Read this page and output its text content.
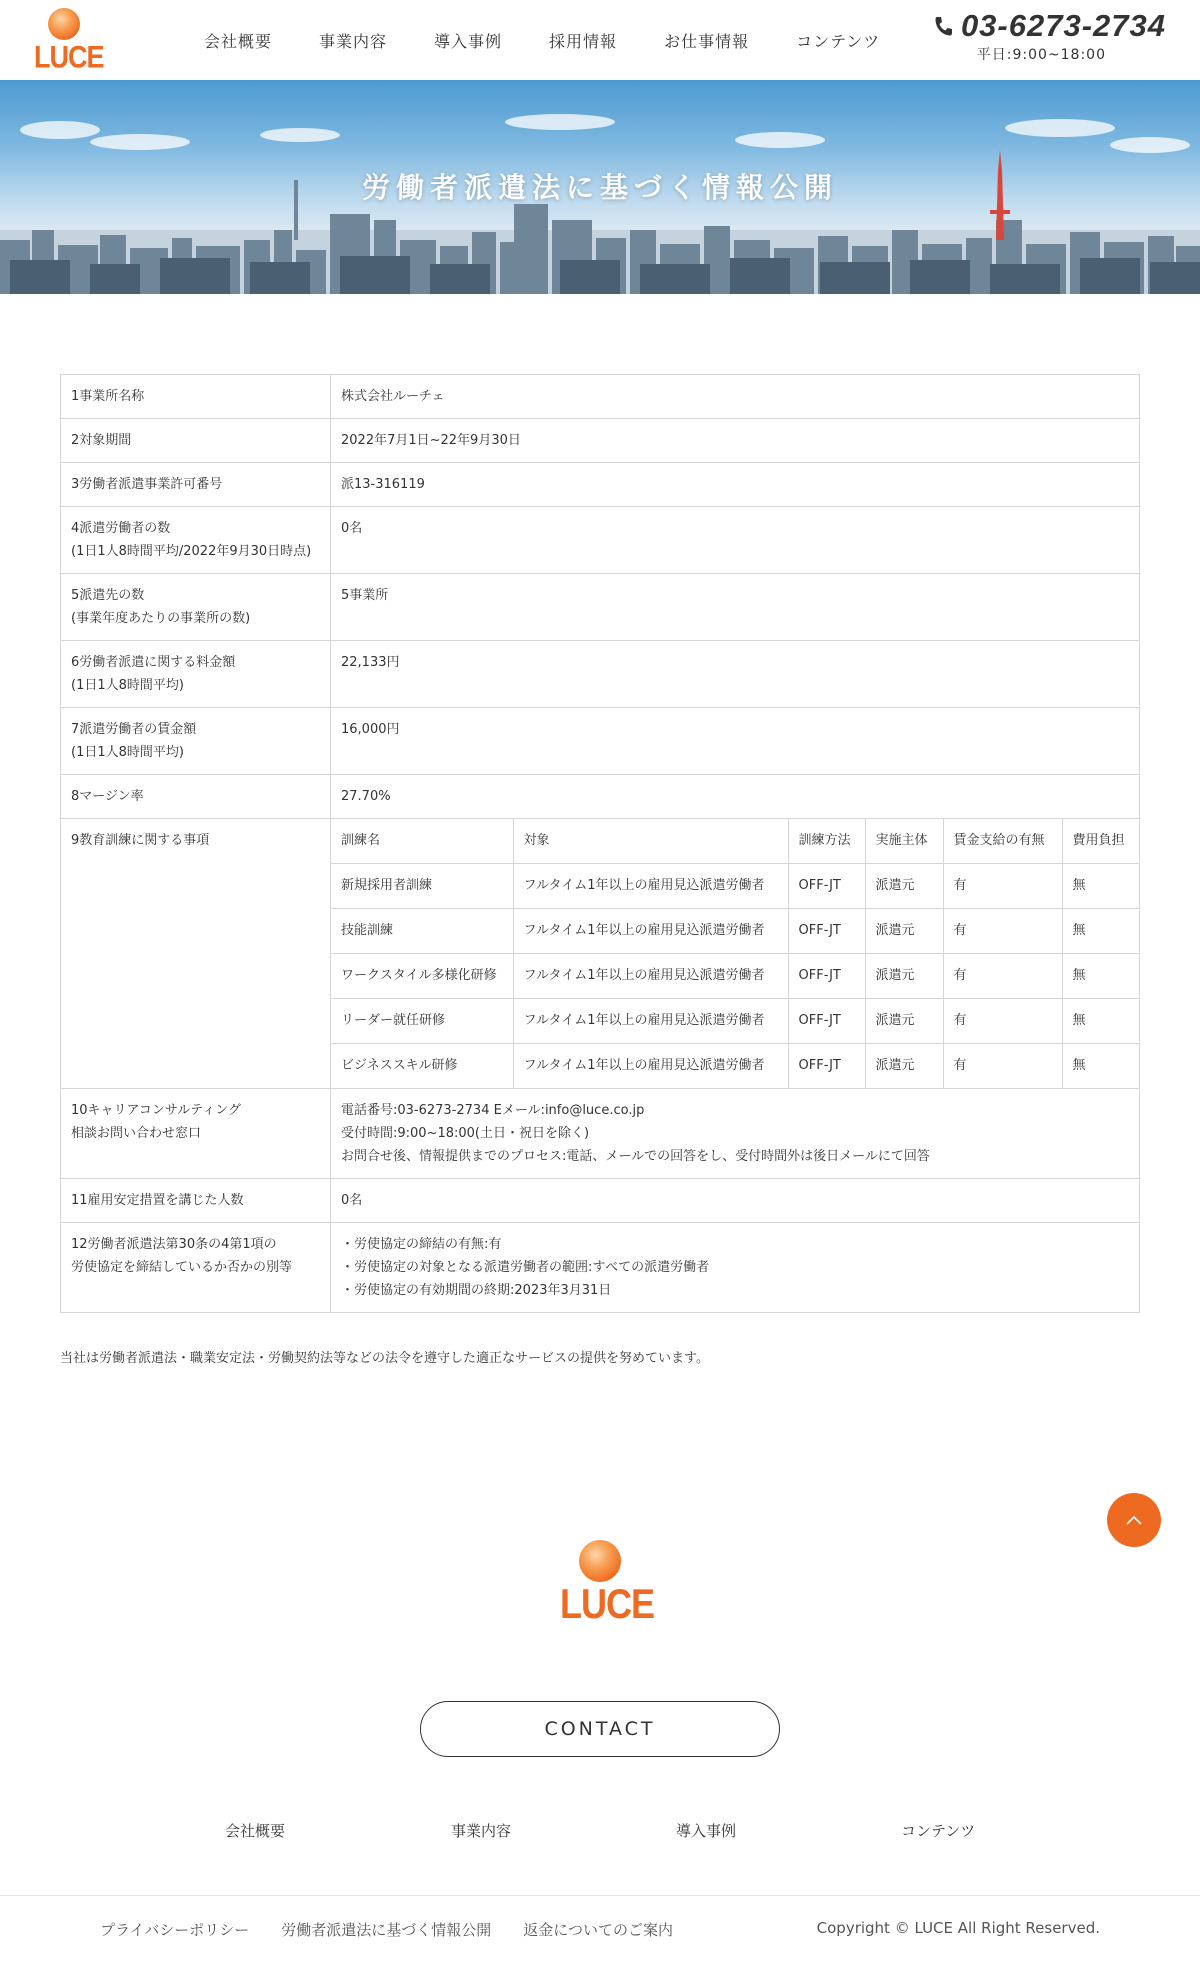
LUCE	会社概要	事業内容	導入事例	採用情報	お仕事情報	コンテンツ	03-6273-2734
平日:9:00~18:00
労働者派遣法に基づく情報公開
1事業所名称	株式会社ルーチェ
2対象期間	2022年7月1日~22年9月30日
3労働者派遣事業許可番号	派13-316119

4派遣労働者の数
(1日1人8時間平均/2022年9月30日時点)
	0名

5派遣先の数
(事業年度あたりの事業所の数)
	5事業所

6労働者派遣に関する料金額
(1日1人8時間平均)
	22,133円

7派遣労働者の賃金額
(1日1人8時間平均)
	16,000円
8マージン率	27.70%
9教育訓練に関する事項		訓練名	対象	訓練方法	実施主体	賃金支給の有無	費用負担
新規採用者訓練	フルタイム1年以上の雇用見込派遣労働者	OFF-JT	派遣元	有	無
技能訓練	フルタイム1年以上の雇用見込派遣労働者	OFF-JT	派遣元	有	無
ワークスタイル多様化研修	フルタイム1年以上の雇用見込派遣労働者	OFF-JT	派遣元	有	無
リーダー就任研修	フルタイム1年以上の雇用見込派遣労働者	OFF-JT	派遣元	有	無
ビジネススキル研修	フルタイム1年以上の雇用見込派遣労働者	OFF-JT	派遣元	有	無

10キャリアコンサルティング
相談お問い合わせ窓口

電話番号:03-6273-2734 Eメール:info@luce.co.jp
受付時間:9:00~18:00(土日・祝日を除く)
お問合せ後、情報提供までのプロセス:電話、メールでの回答をし、受付時間外は後日メールにて回答

11雇用安定措置を講じた人数	0名

12労働者派遣法第30条の4第1項の
労使協定を締結しているか否かの別等

・労使協定の締結の有無:有
・労使協定の対象となる派遣労働者の範囲:すべての派遣労働者
・労使協定の有効期間の終期:2023年3月31日
当社は労働者派遣法・職業安定法・労働契約法等などの法令を遵守した適正なサービスの提供を努めています。
LUCE
CONTACT
会社概要	事業内容	導入事例	コンテンツ
プライバシーポリシー 労働者派遣法に基づく情報公開 返金についてのご案内	Copyright © LUCE All Right Reserved.
